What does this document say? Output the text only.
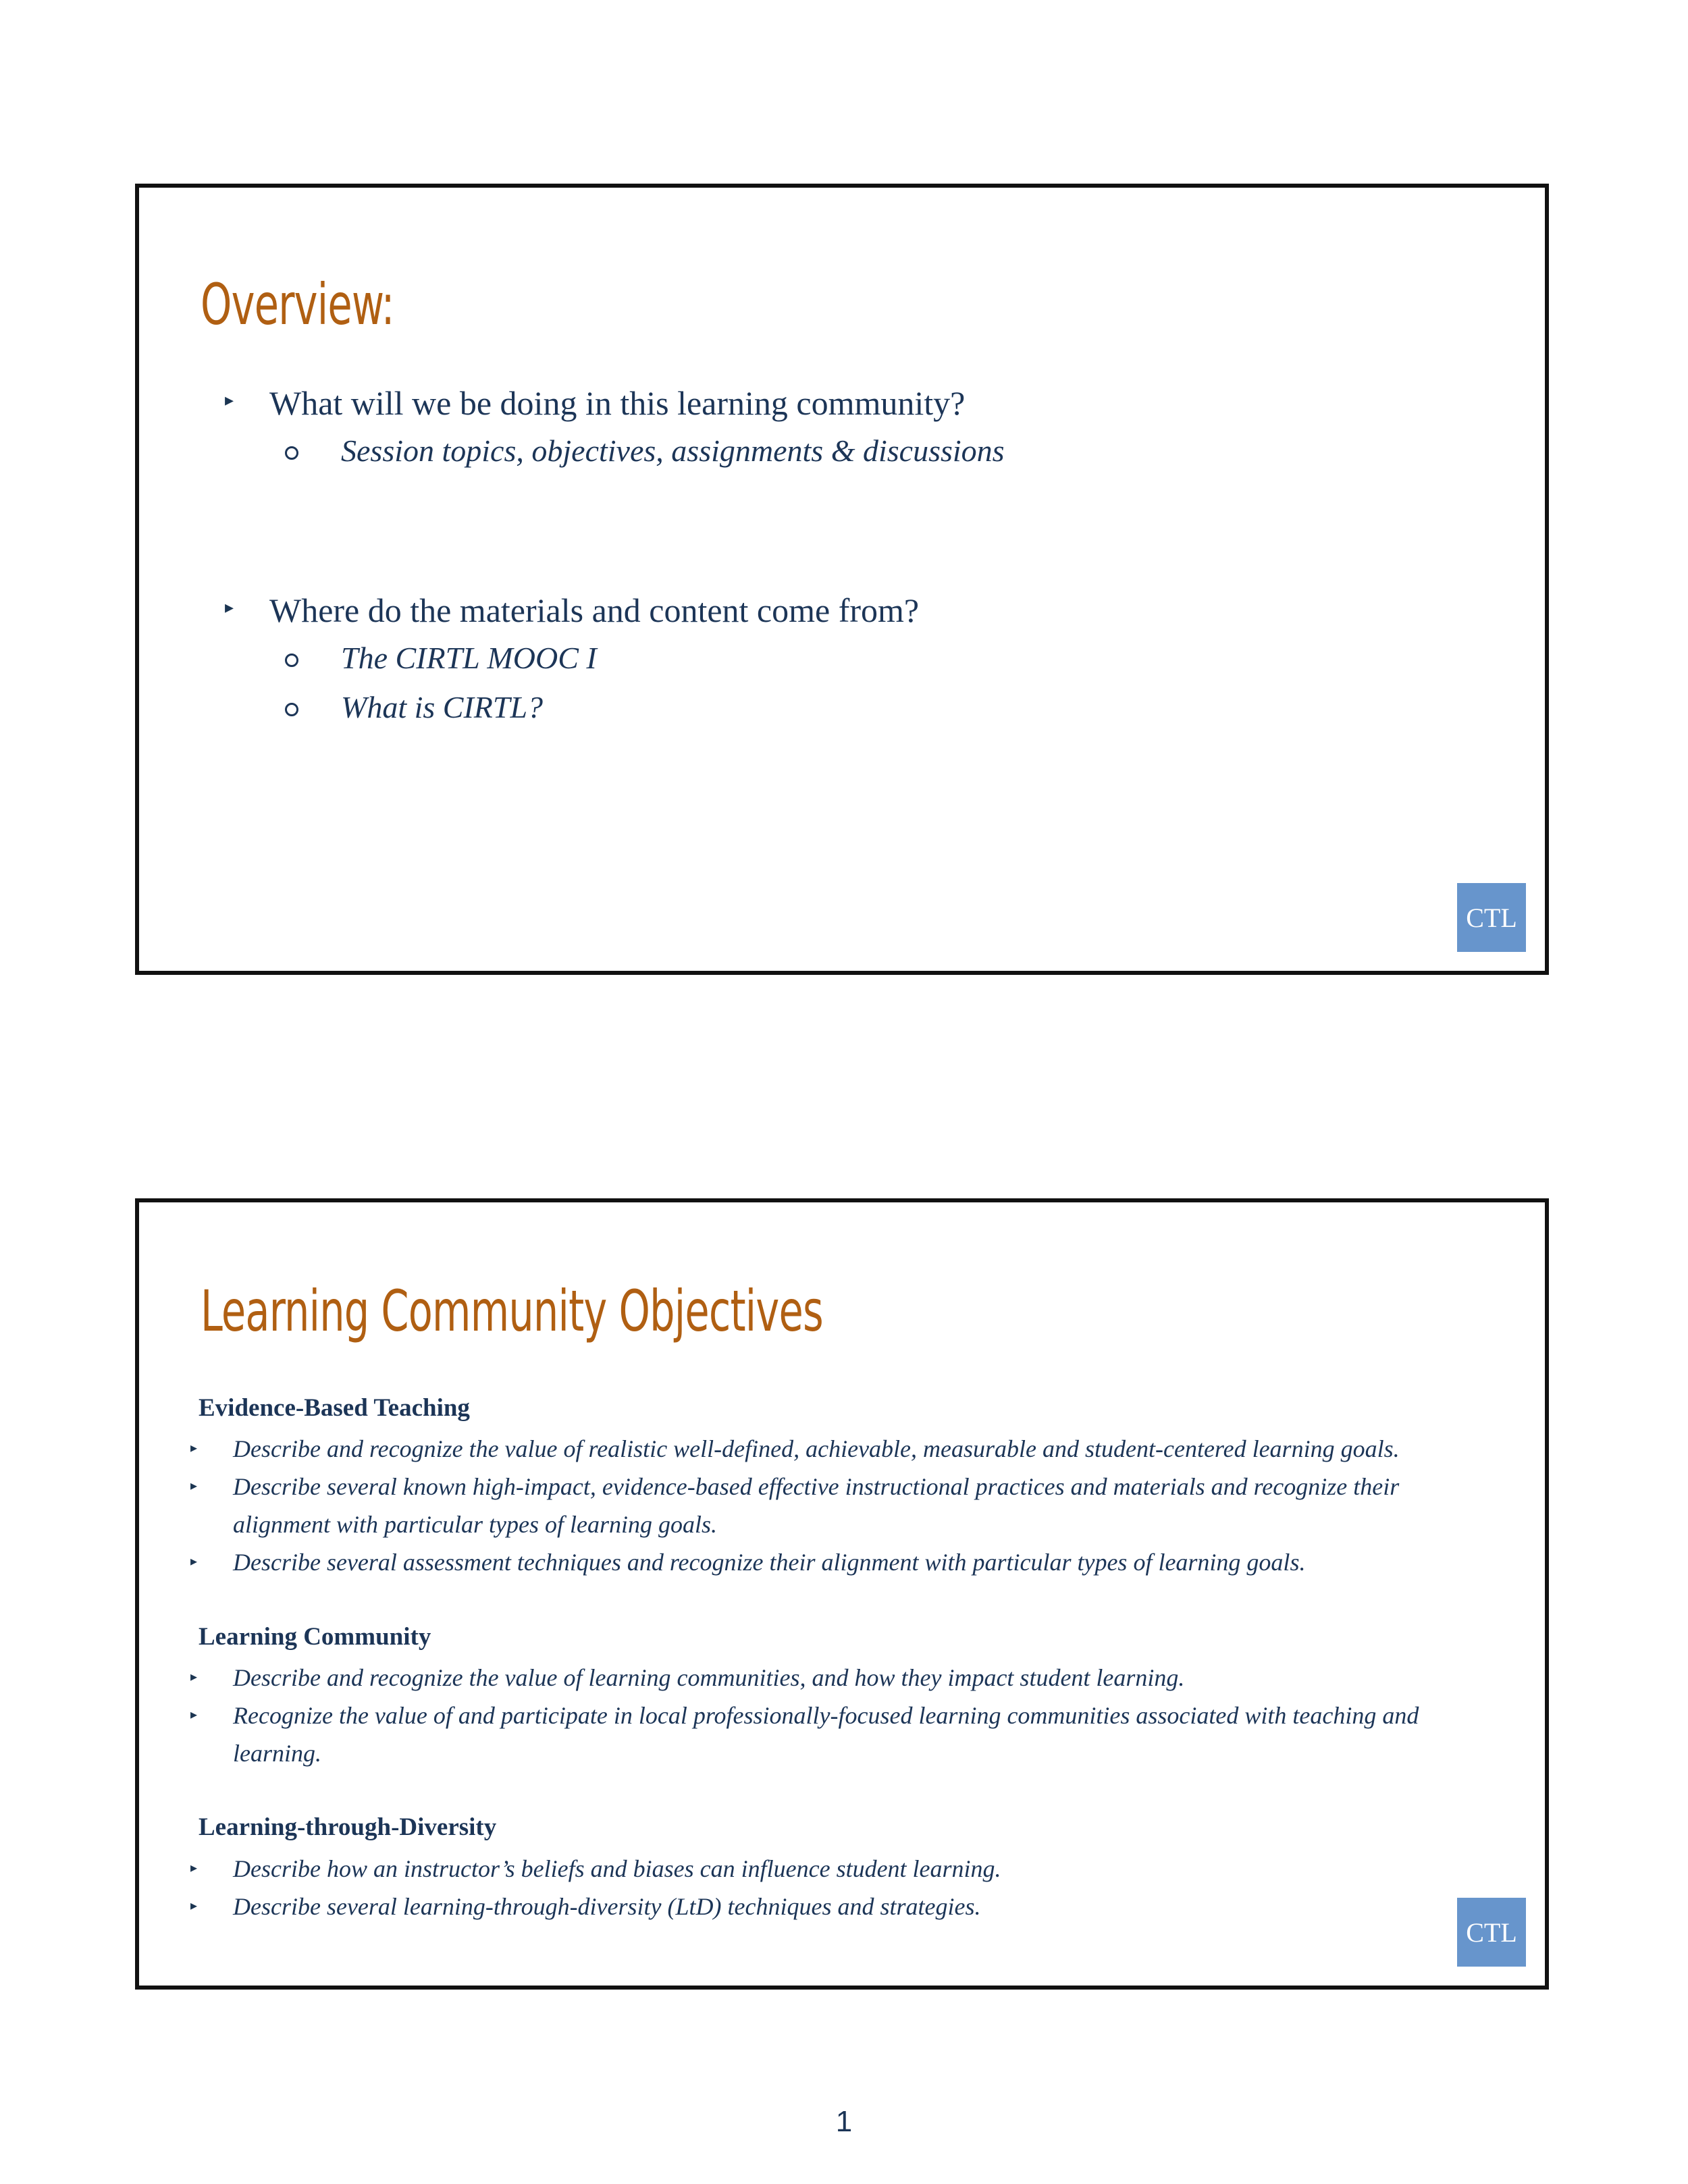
Overview:
▸ What will we be doing in this learning community?
Session topics, objectives, assignments & discussions
▸ Where do the materials and content come from?
The CIRTL MOOC I
What is CIRTL?
CTL
Learning Community Objectives
Evidence-Based Teaching
▸ Describe and recognize the value of realistic well-defined, achievable, measurable and student-centered learning goals.
▸ Describe several known high-impact, evidence-based effective instructional practices and materials and recognize their alignment with particular types of learning goals.
▸ Describe several assessment techniques and recognize their alignment with particular types of learning goals.
Learning Community
▸ Describe and recognize the value of learning communities, and how they impact student learning.
▸ Recognize the value of and participate in local professionally-focused learning communities associated with teaching and learning.
Learning-through-Diversity
▸ Describe how an instructor’s beliefs and biases can influence student learning.
▸ Describe several learning-through-diversity (LtD) techniques and strategies.
CTL
1
